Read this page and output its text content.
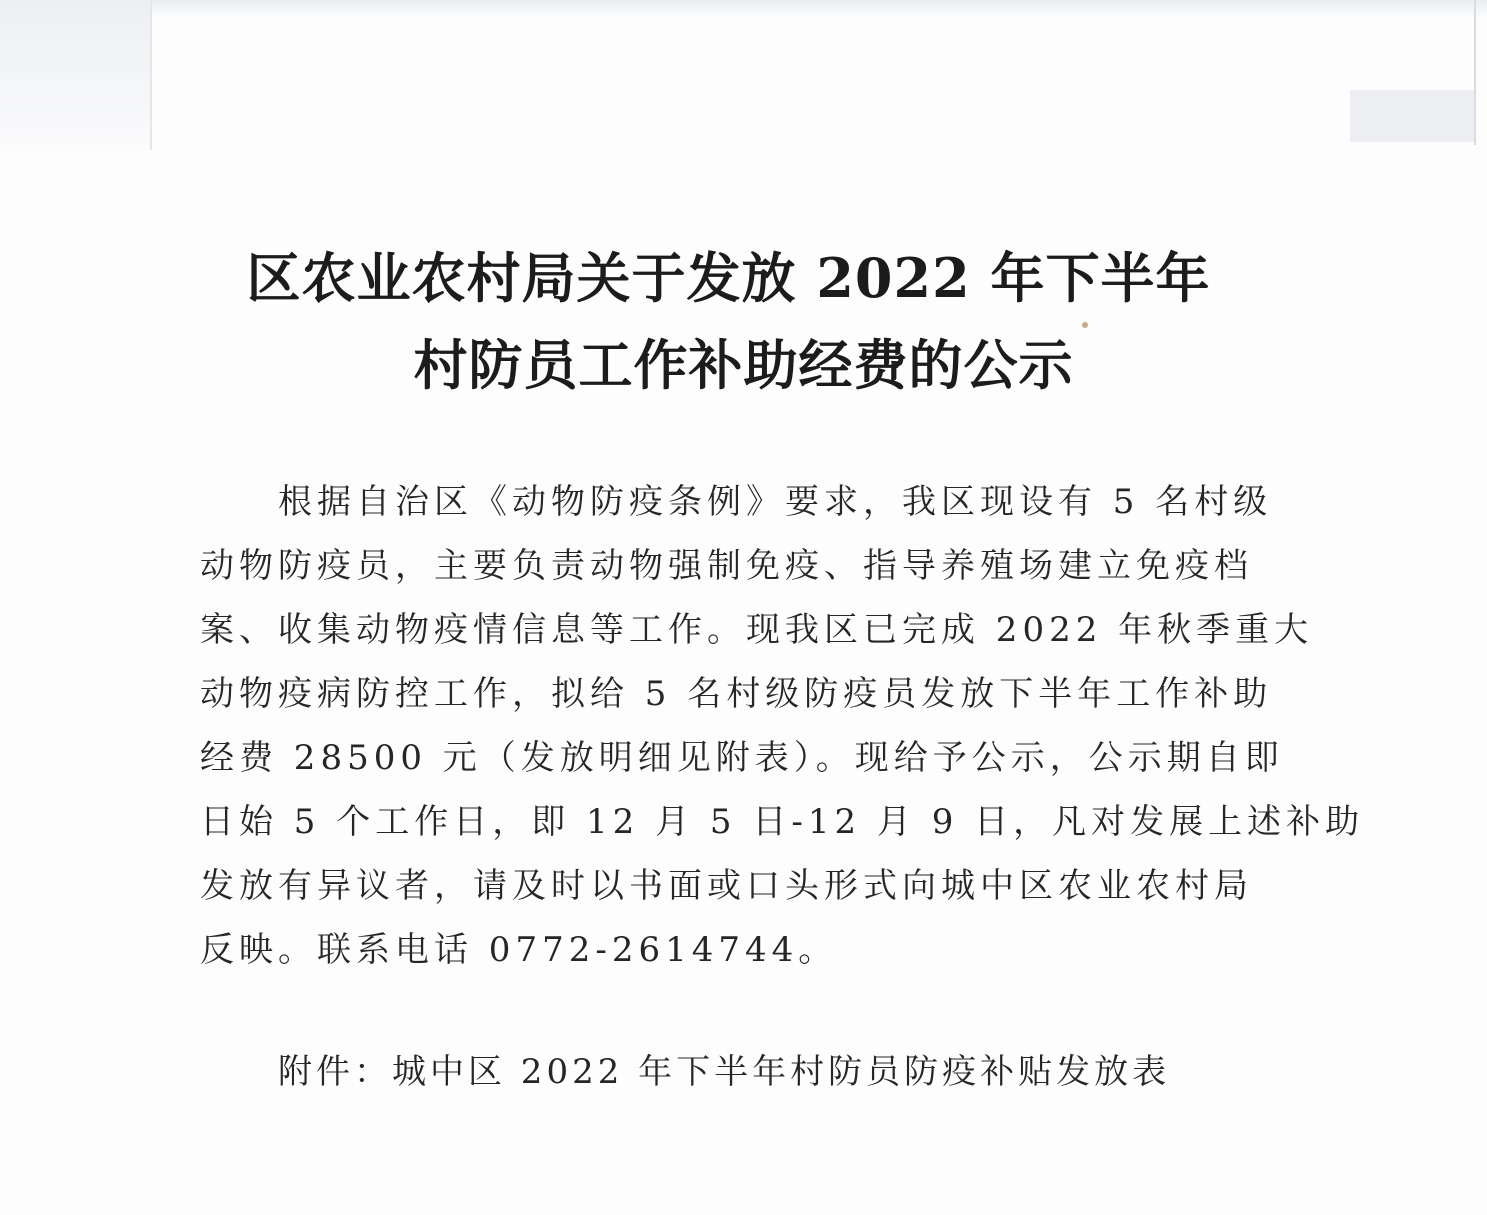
区农业农村局关于发放 2022 年下半年
村防员工作补助经费的公示
根据自治区《动物防疫条例》要求，我区现设有 5 名村级
动物防疫员，主要负责动物强制免疫、指导养殖场建立免疫档
案、收集动物疫情信息等工作。现我区已完成 2022 年秋季重大
动物疫病防控工作，拟给 5 名村级防疫员发放下半年工作补助
经费 28500 元（发放明细见附表）。现给予公示，公示期自即
日始 5 个工作日，即 12 月 5 日-12 月 9 日，凡对发展上述补助
发放有异议者，请及时以书面或口头形式向城中区农业农村局
反映。联系电话 0772-2614744。
附件：城中区 2022 年下半年村防员防疫补贴发放表
